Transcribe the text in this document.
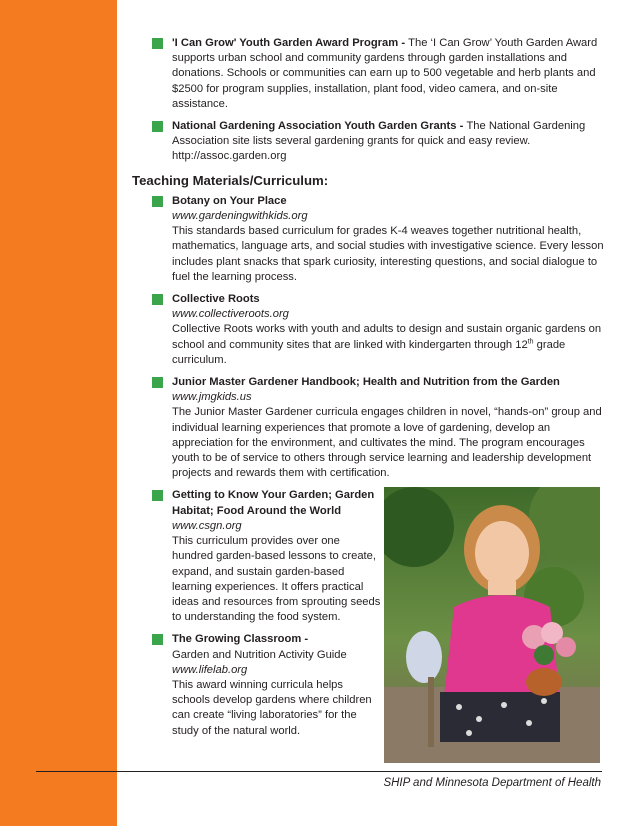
'I Can Grow' Youth Garden Award Program - The ‘I Can Grow’ Youth Garden Award supports urban school and community gardens through garden installations and donations. Schools or communities can earn up to 500 vegetable and herb plants and $2500 for program supplies, installation, plant food, video camera, and on-site assistance.
National Gardening Association Youth Garden Grants - The National Gardening Association site lists several gardening grants for quick and easy review.
http://assoc.garden.org
Teaching Materials/Curriculum:
Botany on Your Place
www.gardeningwithkids.org
This standards based curriculum for grades K-4 weaves together nutritional health, mathematics, language arts, and social studies with investigative science. Every lesson includes plant snacks that spark curiosity, interesting questions, and social dialogue to fuel the learning process.
Collective Roots
www.collectiveroots.org
Collective Roots works with youth and adults to design and sustain organic gardens on school and community sites that are linked with kindergarten through 12th grade curriculum.
Junior Master Gardener Handbook; Health and Nutrition from the Garden
www.jmgkids.us
The Junior Master Gardener curricula engages children in novel, “hands-on” group and individual learning experiences that promote a love of gardening, develop an appreciation for the environment, and cultivates the mind. The program encourages youth to be of service to others through service learning and leadership development projects and rewards them with certification.
Getting to Know Your Garden; Garden Habitat; Food Around the World
www.csgn.org
This curriculum provides over one hundred garden-based lessons to create, expand, and sustain garden-based learning experiences. It offers practical ideas and resources from sprouting seeds to understanding the food system.
The Growing Classroom -
Garden and Nutrition Activity Guide
www.lifelab.org
This award winning curricula helps schools develop gardens where children can create “living laboratories” for the study of the natural world.
19	SHIP and Minnesota Department of Health
